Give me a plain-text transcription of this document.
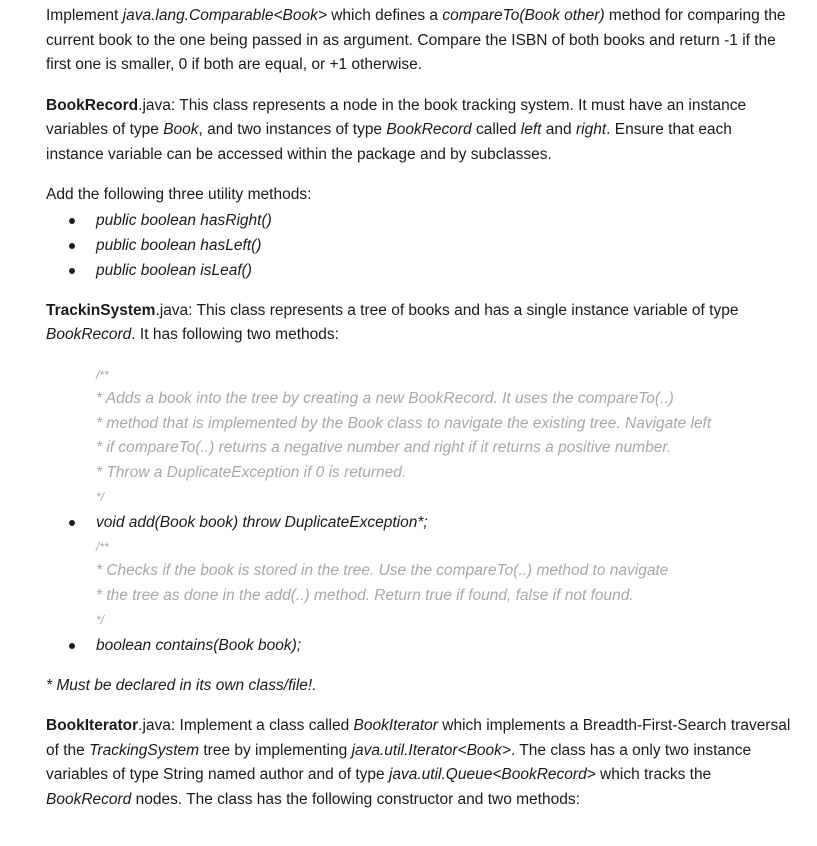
Implement java.lang.Comparable<Book> which defines a compareTo(Book other) method for comparing the current book to the one being passed in as argument. Compare the ISBN of both books and return -1 if the first one is smaller, 0 if both are equal, or +1 otherwise.

BookRecord.java: This class represents a node in the book tracking system. It must have an instance variables of type Book, and two instances of type BookRecord called left and right. Ensure that each instance variable can be accessed within the package and by subclasses.

Add the following three utility methods:

public boolean hasRight()
public boolean hasLeft()
public boolean isLeaf()

TrackinSystem.java: This class represents a tree of books and has a single instance variable of type BookRecord. It has following two methods:

/**
* Adds a book into the tree by creating a new BookRecord. It uses the compareTo(..)
* method that is implemented by the Book class to navigate the existing tree. Navigate left
* if compareTo(..) returns a negative number and right if it returns a positive number.
* Throw a DuplicateException if 0 is returned.
*/
void add(Book book) throw DuplicateException*;
/**
* Checks if the book is stored in the tree. Use the compareTo(..) method to navigate
* the tree as done in the add(..) method. Return true if found, false if not found.
*/
boolean contains(Book book);

* Must be declared in its own class/file!.

BookIterator.java: Implement a class called BookIterator which implements a Breadth-First-Search traversal of the TrackingSystem tree by implementing java.util.Iterator<Book>. The class has a only two instance variables of type String named author and of type java.util.Queue<BookRecord> which tracks the BookRecord nodes. The class has the following constructor and two methods:
